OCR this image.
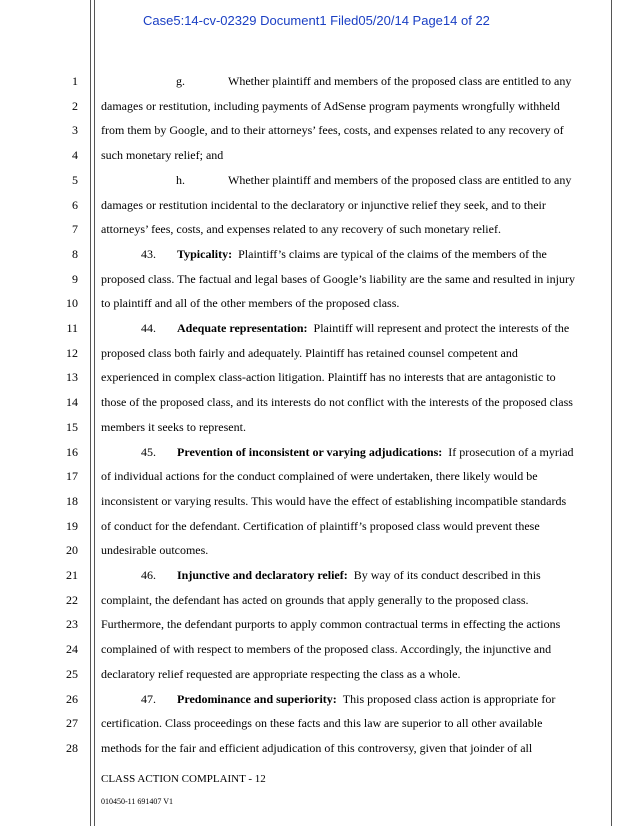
Case5:14-cv-02329 Document1 Filed05/20/14 Page14 of 22
1
2
3
4
5
6
7
8
9
10
11
12
13
14
15
16
17
18
19
20
21
22
23
24
25
26
27
28
g.	Whether plaintiff and members of the proposed class are entitled to any
damages or restitution, including payments of AdSense program payments wrongfully withheld
from them by Google, and to their attorneys’ fees, costs, and expenses related to any recovery of
such monetary relief; and
h.	Whether plaintiff and members of the proposed class are entitled to any
damages or restitution incidental to the declaratory or injunctive relief they seek, and to their
attorneys’ fees, costs, and expenses related to any recovery of such monetary relief.
43. Typicality: Plaintiff’s claims are typical of the claims of the members of the
proposed class. The factual and legal bases of Google’s liability are the same and resulted in injury
to plaintiff and all of the other members of the proposed class.
44. Adequate representation: Plaintiff will represent and protect the interests of the
proposed class both fairly and adequately. Plaintiff has retained counsel competent and
experienced in complex class-action litigation. Plaintiff has no interests that are antagonistic to
those of the proposed class, and its interests do not conflict with the interests of the proposed class
members it seeks to represent.
45. Prevention of inconsistent or varying adjudications: If prosecution of a myriad
of individual actions for the conduct complained of were undertaken, there likely would be
inconsistent or varying results. This would have the effect of establishing incompatible standards
of conduct for the defendant. Certification of plaintiff’s proposed class would prevent these
undesirable outcomes.
46. Injunctive and declaratory relief: By way of its conduct described in this
complaint, the defendant has acted on grounds that apply generally to the proposed class.
Furthermore, the defendant purports to apply common contractual terms in effecting the actions
complained of with respect to members of the proposed class. Accordingly, the injunctive and
declaratory relief requested are appropriate respecting the class as a whole.
47. Predominance and superiority: This proposed class action is appropriate for
certification. Class proceedings on these facts and this law are superior to all other available
methods for the fair and efficient adjudication of this controversy, given that joinder of all
CLASS ACTION COMPLAINT - 12
010450-11 691407 V1
